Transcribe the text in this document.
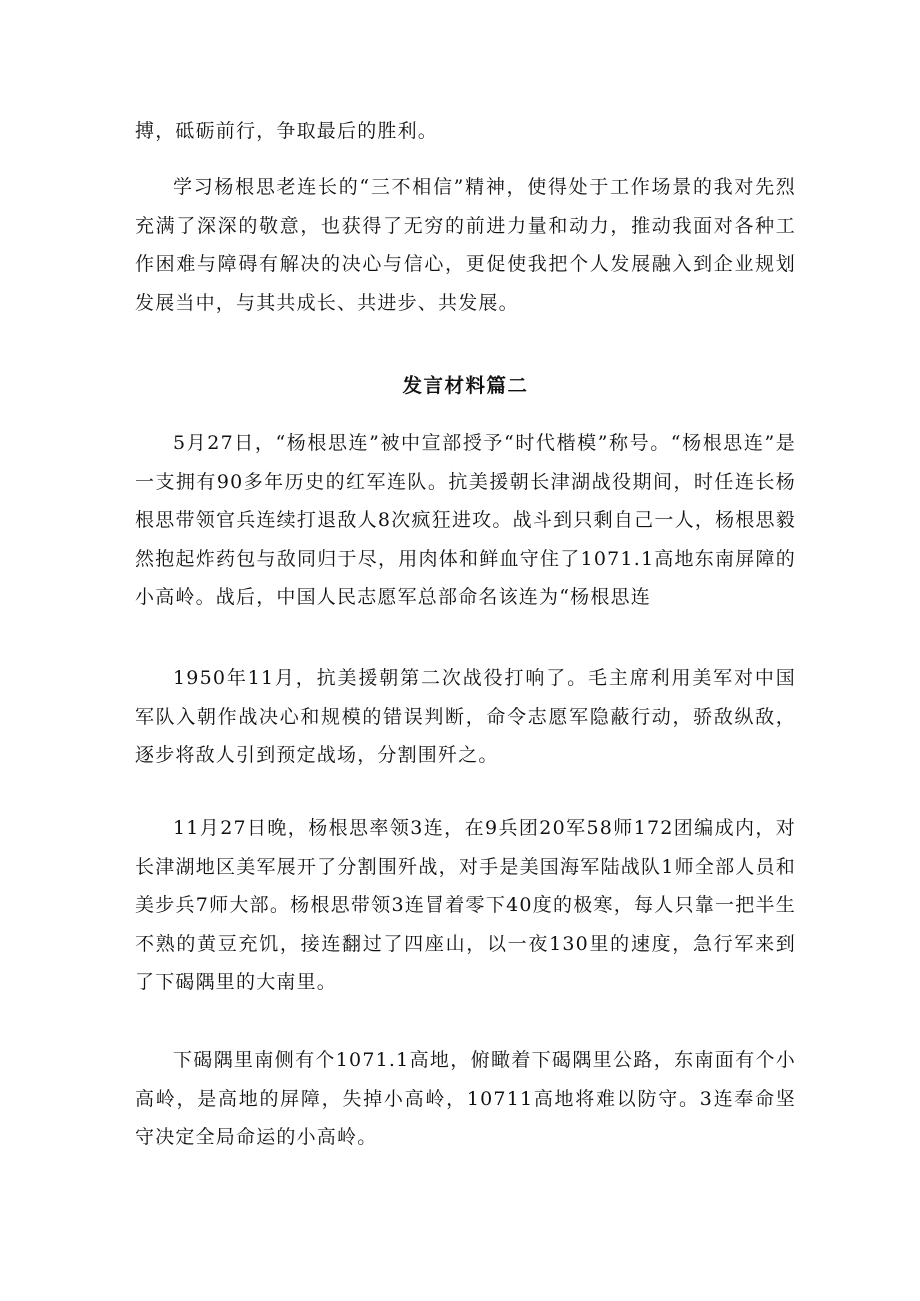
搏，砥砺前行，争取最后的胜利。

学习杨根思老连长的“三不相信”精神，使得处于工作场景的我对先烈充满了深深的敬意，也获得了无穷的前进力量和动力，推动我面对各种工作困难与障碍有解决的决心与信心，更促使我把个人发展融入到企业规划发展当中，与其共成长、共进步、共发展。

发言材料篇二

5月27日，“杨根思连”被中宣部授予“时代楷模”称号。“杨根思连”是一支拥有90多年历史的红军连队。抗美援朝长津湖战役期间，时任连长杨根思带领官兵连续打退敌人8次疯狂进攻。战斗到只剩自己一人，杨根思毅然抱起炸药包与敌同归于尽，用肉体和鲜血守住了1071.1高地东南屏障的小高岭。战后，中国人民志愿军总部命名该连为“杨根思连

1950年11月，抗美援朝第二次战役打响了。毛主席利用美军对中国军队入朝作战决心和规模的错误判断，命令志愿军隐蔽行动，骄敌纵敌，逐步将敌人引到预定战场，分割围歼之。

11月27日晚，杨根思率领3连，在9兵团20军58师172团编成内，对长津湖地区美军展开了分割围歼战，对手是美国海军陆战队1师全部人员和美步兵7师大部。杨根思带领3连冒着零下40度的极寒，每人只靠一把半生不熟的黄豆充饥，接连翻过了四座山，以一夜130里的速度，急行军来到了下碣隅里的大南里。

下碣隅里南侧有个1071.1高地，俯瞰着下碣隅里公路，东南面有个小高岭，是高地的屏障，失掉小高岭，10711高地将难以防守。3连奉命坚守决定全局命运的小高岭。
